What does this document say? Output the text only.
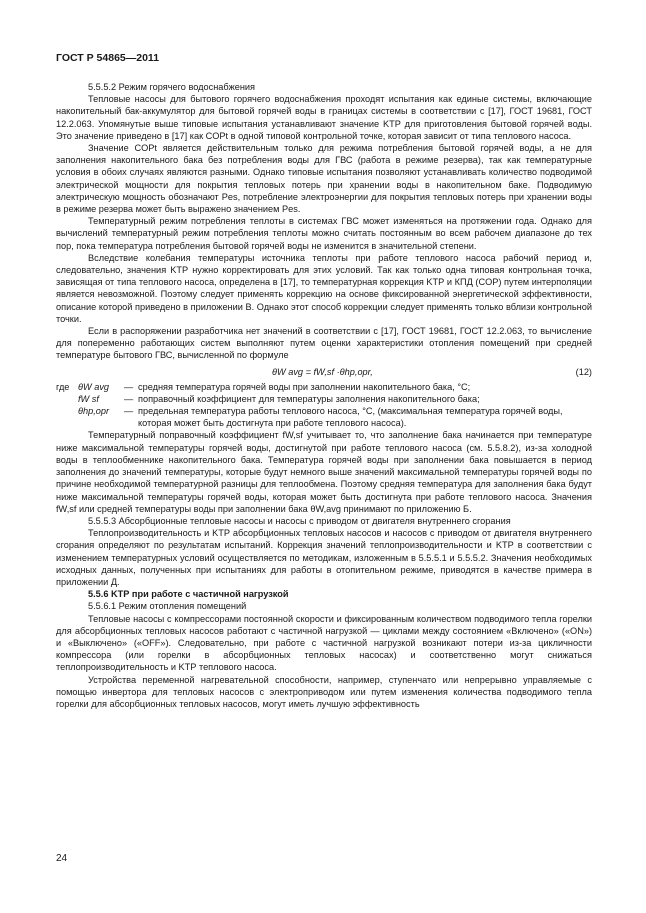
ГОСТ Р 54865—2011

5.5.5.2 Режим горячего водоснабжения

Тепловые насосы для бытового горячего водоснабжения проходят испытания как единые системы, включающие накопительный бак-аккумулятор для бытовой горячей воды в границах системы в соответствии с [17], ГОСТ 19681, ГОСТ 12.2.063. Упомянутые выше типовые испытания устанавливают значение KТР для приготовления бытовой горячей воды. Это значение приведено в [17] как COPt в одной типовой контрольной точке, которая зависит от типа теплового насоса.

Значение COPt является действительным только для режима потребления бытовой горячей воды, а не для заполнения накопительного бака без потребления воды для ГВС (работа в режиме резерва), так как температурные условия в обоих случаях являются разными. Однако типовые испытания позволяют устанавливать количество подводимой электрической мощности для покрытия тепловых потерь при хранении воды в накопительном баке. Подводимую электрическую мощность обозначают Pes, потребление электроэнергии для покрытия тепловых потерь при хранении воды в режиме резерва может быть выражено значением Pes.

Температурный режим потребления теплоты в системах ГВС может изменяться на протяжении года. Однако для вычислений температурный режим потребления теплоты можно считать постоянным во всем рабочем диапазоне до тех пор, пока температура потребления бытовой горячей воды не изменится в значительной степени.

Вследствие колебания температуры источника теплоты при работе теплового насоса рабочий период и, следовательно, значения KТР нужно корректировать для этих условий. Так как только одна типовая контрольная точка, зависящая от типа теплового насоса, определена в [17], то температурная коррекция KТР и КПД (COP) путем интерполяции является невозможной. Поэтому следует применять коррекцию на основе фиксированной энергетической эффективности, описание которой приведено в приложении В. Однако этот способ коррекции следует применять только вблизи контрольной точки.

Если в распоряжении разработчика нет значений в соответствии с [17], ГОСТ 19681, ГОСТ 12.2.063, то вычисление для попеременно работающих систем выполняют путем оценки характеристики отопления помещений при средней температуре бытового ГВС, вычисленной по формуле

θW avg = fW,sf ·θhp,opr,	(12)
где θW avg	— средняя температура горячей воды при заполнении накопительного бака, °C;
fW sf	— поправочный коэффициент для температуры заполнения накопительного бака;
θhp,opr	— предельная температура работы теплового насоса, °C, (максимальная температура горячей воды, которая может быть достигнута при работе теплового насоса).

Температурный поправочный коэффициент fW,sf учитывает то, что заполнение бака начинается при температуре ниже максимальной температуры горячей воды, достигнутой при работе теплового насоса (см. 5.5.8.2), из-за холодной воды в теплообменнике накопительного бака. Температура горячей воды при заполнении бака повышается в период заполнения до значений температуры, которые будут немного выше значений максимальной температуры горячей воды по причине необходимой температурной разницы для теплообмена. Поэтому средняя температура для заполнения бака будут ниже максимальной температуры горячей воды, которая может быть достигнута при работе теплового насоса. Значения fW,sf или средней температуры воды при заполнении бака θW,avg принимают по приложению Б.

5.5.5.3 Абсорбционные тепловые насосы и насосы с приводом от двигателя внутреннего сгорания

Теплопроизводительность и KТР абсорбционных тепловых насосов и насосов с приводом от двигателя внутреннего сгорания определяют по результатам испытаний. Коррекция значений теплопроизводительности и KТР в соответствии с изменением температурных условий осуществляется по методикам, изложенным в 5.5.5.1 и 5.5.5.2. Значения необходимых исходных данных, полученных при испытаниях для работы в отопительном режиме, приводятся в качестве примера в приложении Д.

5.5.6 KТР при работе с частичной нагрузкой

5.5.6.1 Режим отопления помещений

Тепловые насосы с компрессорами постоянной скорости и фиксированным количеством подводимого тепла горелки для абсорбционных тепловых насосов работают с частичной нагрузкой — циклами между состоянием «Включено» («ON») и «Выключено» («OFF»). Следовательно, при работе с частичной нагрузкой возникают потери из-за цикличности компрессора (или горелки в абсорбционных тепловых насосах) и соответственно могут снижаться теплопроизводительность и KТР теплового насоса.

Устройства переменной нагревательной способности, например, ступенчато или непрерывно управляемые с помощью инвертора для тепловых насосов с электроприводом или путем изменения количества подводимого тепла горелки для абсорбционных тепловых насосов, могут иметь лучшую эффективность

24
